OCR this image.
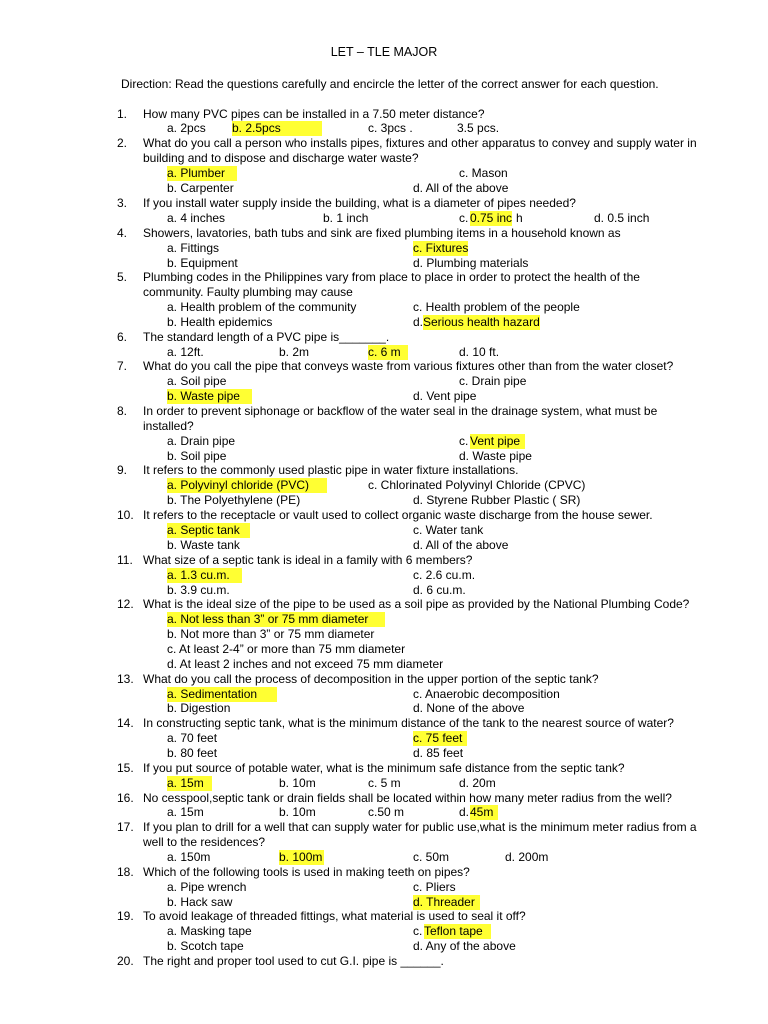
LET – TLE MAJOR
Direction: Read the questions carefully and encircle the letter of the correct answer for each question.
1.	How many PVC pipes can be installed in a 7.50 meter distance?
a. 2pcs b. 2.5pcs	c. 3pcs .	3.5 pcs.
2.	What do you call a person who installs pipes, fixtures and other apparatus to convey and supply water in
building and to dispose and discharge water waste?
a. Plumber	c. Mason
b. Carpenter	d. All of the above
3.	If you install water supply inside the building, what is a diameter of pipes needed?
a. 4 inches	b. 1 inch	c. 0.75 inc h	d. 0.5 inch
4.	Showers, lavatories, bath tubs and sink are fixed plumbing items in a household known as
a. Fittings	c. Fixtures
b. Equipment	d. Plumbing materials
5.	Plumbing codes in the Philippines vary from place to place in order to protect the health of the
community. Faulty plumbing may cause
a. Health problem of the community	c. Health problem of the people
b. Health epidemics	d. Serious health hazard
6.	The standard length of a PVC pipe is_______.
a. 12ft.	b. 2m	c. 6 m	d. 10 ft.
7.	What do you call the pipe that conveys waste from various fixtures other than from the water closet?
a. Soil pipe	c. Drain pipe
b. Waste pipe	d. Vent pipe
8.	In order to prevent siphonage or backflow of the water seal in the drainage system, what must be
installed?
a. Drain pipe	c. Vent pipe
b. Soil pipe	d. Waste pipe
9.	It refers to the commonly used plastic pipe in water fixture installations.
a. Polyvinyl chloride (PVC)	c. Chlorinated Polyvinyl Chloride (CPVC)
b. The Polyethylene (PE)	d. Styrene Rubber Plastic ( SR)
10. It refers to the receptacle or vault used to collect organic waste discharge from the house sewer.
a. Septic tank	c. Water tank
b. Waste tank	d. All of the above
11. What size of a septic tank is ideal in a family with 6 members?
a. 1.3 cu.m.	c. 2.6 cu.m.
b. 3.9 cu.m.	d. 6 cu.m.
12. What is the ideal size of the pipe to be used as a soil pipe as provided by the National Plumbing Code?
a. Not less than 3” or 75 mm diameter
b. Not more than 3” or 75 mm diameter
c. At least 2-4” or more than 75 mm diameter
d. At least 2 inches and not exceed 75 mm diameter
13. What do you call the process of decomposition in the upper portion of the septic tank?
a. Sedimentation	c. Anaerobic decomposition
b. Digestion	d. None of the above
14. In constructing septic tank, what is the minimum distance of the tank to the nearest source of water?
a. 70 feet	c. 75 feet
b. 80 feet	d. 85 feet
15. If you put source of potable water, what is the minimum safe distance from the septic tank?
a. 15m	b. 10m	c. 5 m	d. 20m
16. No cesspool,septic tank or drain fields shall be located within how many meter radius from the well?
a. 15m	b. 10m	c.50 m	d. 45m
17. If you plan to drill for a well that can supply water for public use,what is the minimum meter radius from a
well to the residences?
a. 150m	b. 100m	c. 50m	d. 200m
18. Which of the following tools is used in making teeth on pipes?
a. Pipe wrench	c. Pliers
b. Hack saw	d. Threader
19. To avoid leakage of threaded fittings, what material is used to seal it off?
a. Masking tape	c. Teflon tape
b. Scotch tape	d. Any of the above
20. The right and proper tool used to cut G.I. pipe is ______.
